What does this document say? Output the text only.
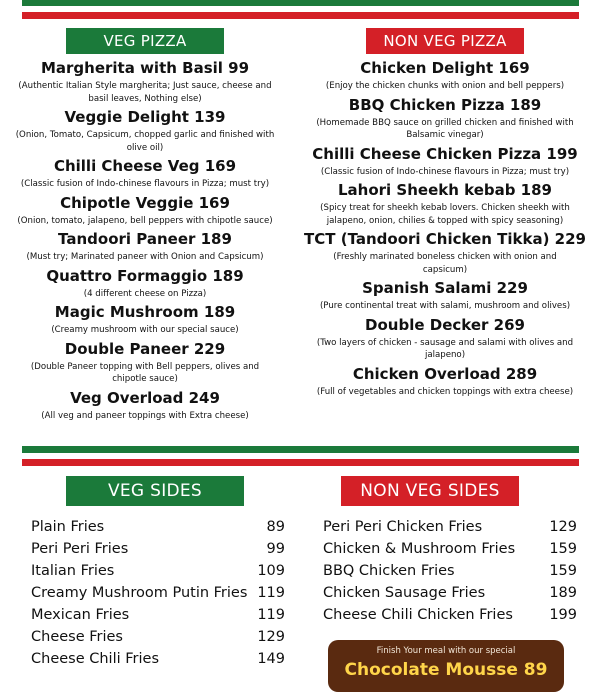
VEG PIZZA
Margherita with Basil 99
(Authentic Italian Style margherita; Just sauce, cheese and basil leaves, Nothing else)
Veggie Delight 139
(Onion, Tomato, Capsicum, chopped garlic and finished with olive oil)
Chilli Cheese Veg 169
(Classic fusion of Indo-chinese flavours in Pizza; must try)
Chipotle Veggie 169
(Onion, tomato, jalapeno, bell peppers with chipotle sauce)
Tandoori Paneer 189
(Must try; Marinated paneer with Onion and Capsicum)
Quattro Formaggio 189
(4 different cheese on Pizza)
Magic Mushroom 189
(Creamy mushroom with our special sauce)
Double Paneer 229
(Double Paneer topping with Bell peppers, olives and chipotle sauce)
Veg Overload 249
(All veg and paneer toppings with Extra cheese)
NON VEG PIZZA
Chicken Delight 169
(Enjoy the chicken chunks with onion and bell peppers)
BBQ Chicken Pizza 189
(Homemade BBQ sauce on grilled chicken and finished with Balsamic vinegar)
Chilli Cheese Chicken Pizza 199
(Classic fusion of Indo-chinese flavours in Pizza; must try)
Lahori Sheekh kebab 189
(Spicy treat for sheekh kebab lovers. Chicken sheekh with jalapeno, onion, chilies & topped with spicy seasoning)
TCT (Tandoori Chicken Tikka) 229
(Freshly marinated boneless chicken with onion and capsicum)
Spanish Salami 229
(Pure continental treat with salami, mushroom and olives)
Double Decker 269
(Two layers of chicken - sausage and salami with olives and jalapeno)
Chicken Overload 289
(Full of vegetables and chicken toppings with extra cheese)
VEG SIDES	NON VEG SIDES
Plain Fries	89
Peri Peri Fries	99
Italian Fries	109
Creamy Mushroom Putin Fries 119
Mexican Fries	119
Cheese Fries	129
Cheese Chili Fries	149
Peri Peri Chicken Fries	129
Chicken & Mushroom Fries 159
BBQ Chicken Fries	159
Chicken Sausage Fries	189
Cheese Chili Chicken Fries	199
Finish Your meal with our special
Chocolate Mousse 89
